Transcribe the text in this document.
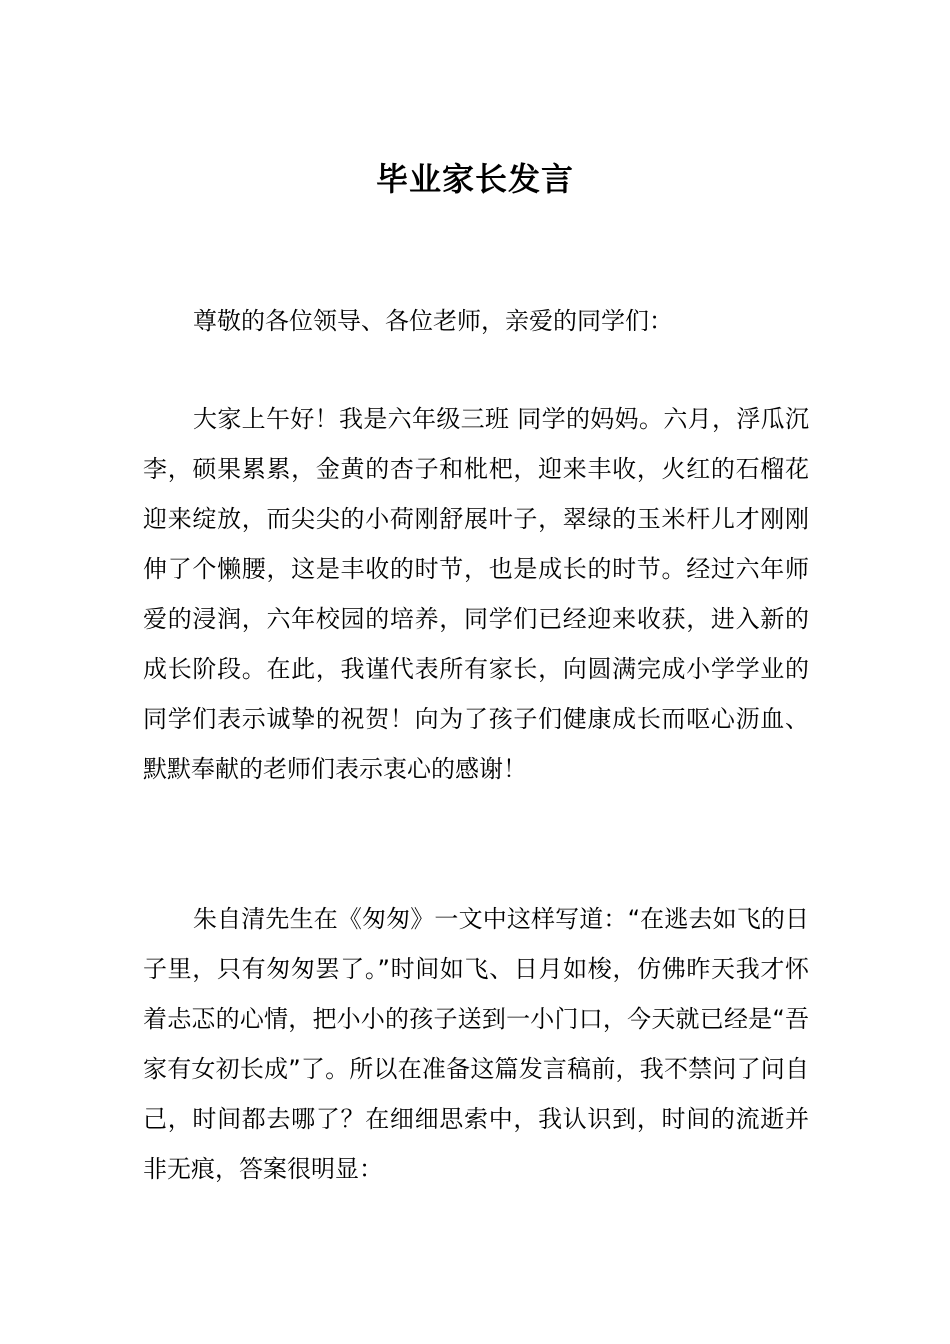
毕业家长发言

尊敬的各位领导、各位老师，亲爱的同学们：

大家上午好！我是六年级三班 同学的妈妈。六月，浮瓜沉李，硕果累累，金黄的杏子和枇杷，迎来丰收，火红的石榴花迎来绽放，而尖尖的小荷刚舒展叶子，翠绿的玉米杆儿才刚刚伸了个懒腰，这是丰收的时节，也是成长的时节。经过六年师爱的浸润，六年校园的培养，同学们已经迎来收获，进入新的成长阶段。在此，我谨代表所有家长，向圆满完成小学学业的同学们表示诚挚的祝贺！向为了孩子们健康成长而呕心沥血、默默奉献的老师们表示衷心的感谢！

朱自清先生在《匆匆》一文中这样写道：“在逃去如飞的日子里，只有匆匆罢了。”时间如飞、日月如梭，仿佛昨天我才怀着忐忑的心情，把小小的孩子送到一小门口，今天就已经是“吾家有女初长成”了。所以在准备这篇发言稿前，我不禁问了问自己，时间都去哪了？在细细思索中，我认识到，时间的流逝并非无痕，答案很明显：
